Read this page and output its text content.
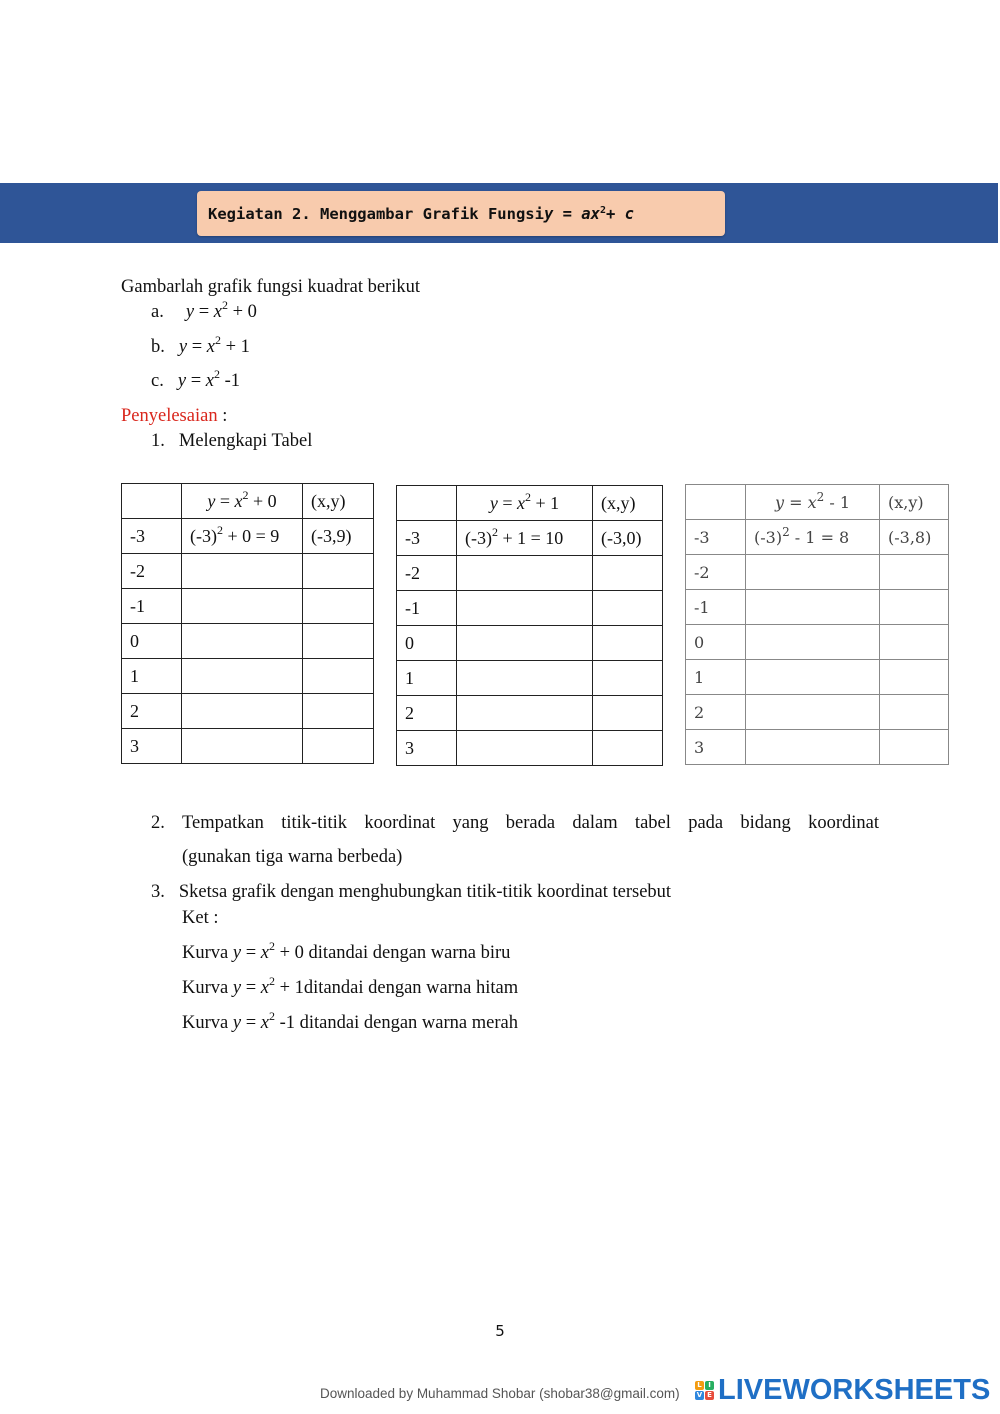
Kegiatan 2. Menggambar Grafik Fungsi y = ax $^2$ + c
Gambarlah grafik fungsi kuadrat berikut
a. $y = x^2 + 0$
b. $y = x^2 + 1$
c. $y = x^2$ -1
Penyelesaian :
1. Melengkapi Tabel
	$y = x^2 + 0$	(x,y)
-3	$(-3)^2 + 0 = 9$	(-3,9)
-2		
-1		
0		
1		
2		
3		
	$y = x^2 + 1$	(x,y)
-3	$(-3)^2 + 1 = 10$	(-3,0)
-2		
-1		
0		
1		
2		
3		
	$y = x^2 - 1$	(x,y)
-3	$(-3)^2 - 1 = 8$	(-3,8)
-2		
-1		
0		
1		
2		
3		
2. Tempatkan titik-titik koordinat yang berada dalam tabel pada bidang koordinat
(gunakan tiga warna berbeda)
3. Sketsa grafik dengan menghubungkan titik-titik koordinat tersebut
Ket :
Kurva $y = x^2 + 0$ ditandai dengan warna biru
Kurva $y = x^2$ + 1ditandai dengan warna hitam
Kurva $y = x^2$ -1 ditandai dengan warna merah
5
Downloaded by Muhammad Shobar (shobar38@gmail.com)
L I
V E LIVEWORKSHEETS
